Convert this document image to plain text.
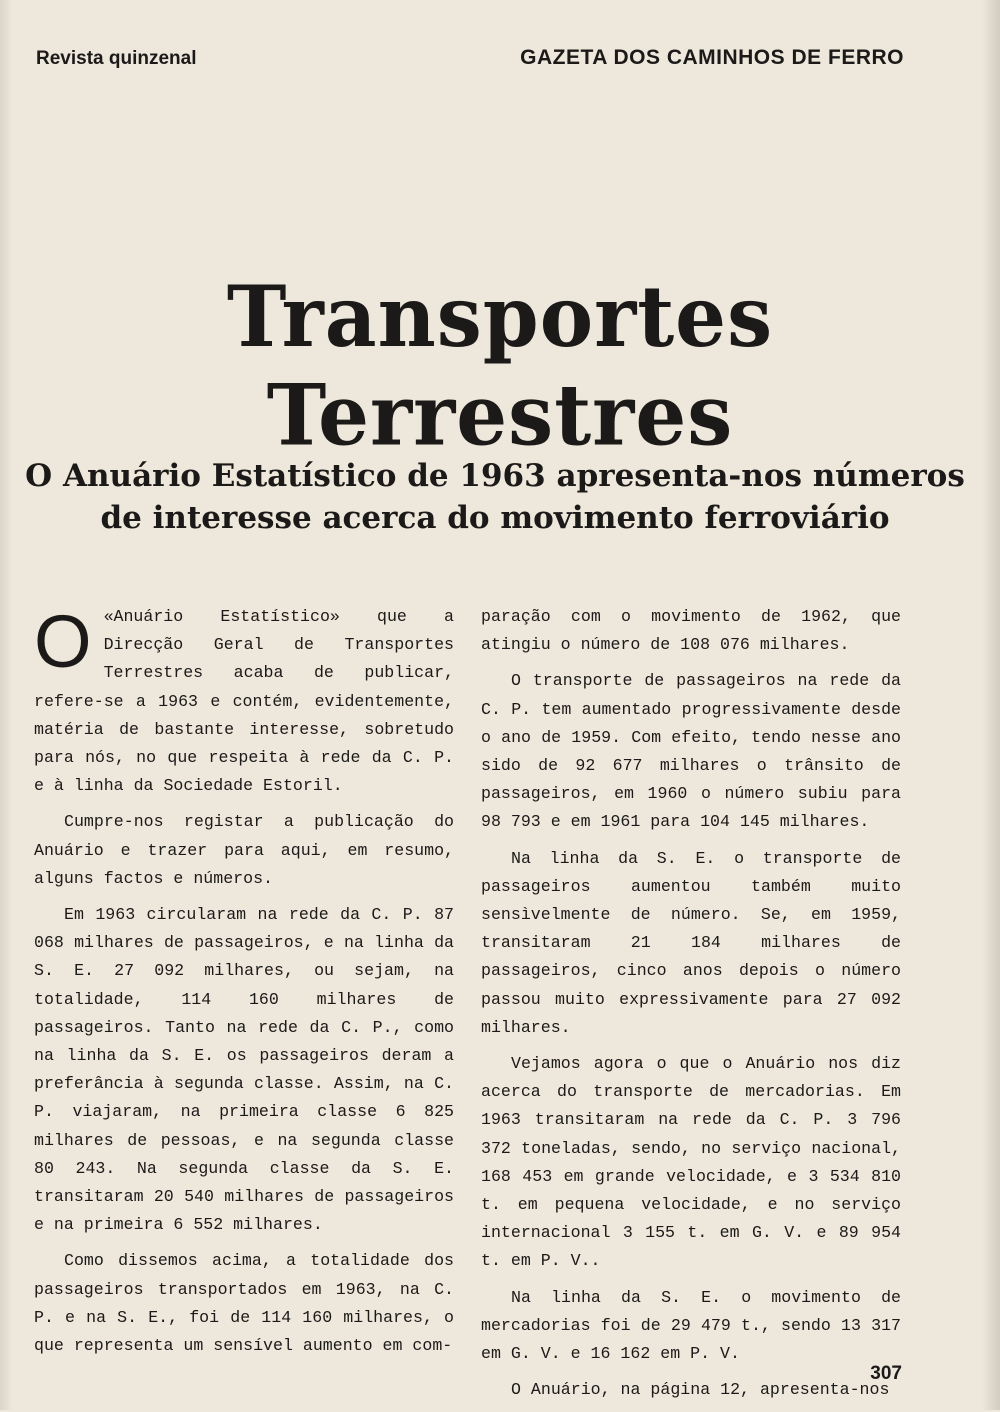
Revista quinzenal	GAZETA DOS CAMINHOS DE FERRO
Transportes Terrestres
O Anuário Estatístico de 1963 apresenta-nos números
de interesse acerca do movimento ferroviário

O «Anuário Estatístico» que a Direcção Geral de Transportes Terrestres acaba de publicar, refere-se a 1963 e contém, evidentemente, matéria de bastante interesse, sobretudo para nós, no que respeita à rede da C. P. e à linha da Sociedade Estoril.

Cumpre-nos registar a publicação do Anuário e trazer para aqui, em resumo, alguns factos e números.

Em 1963 circularam na rede da C. P. 87 068 milhares de passageiros, e na linha da S. E. 27 092 milhares, ou sejam, na totalidade, 114 160 milhares de passageiros. Tanto na rede da C. P., como na linha da S. E. os passageiros deram a preferância à segunda classe. Assim, na C. P. viajaram, na primeira classe 6 825 milhares de pessoas, e na segunda classe 80 243. Na segunda classe da S. E. transitaram 20 540 milhares de passageiros e na primeira 6 552 milhares.

Como dissemos acima, a totalidade dos passageiros transportados em 1963, na C. P. e na S. E., foi de 114 160 milhares, o que representa um sensível aumento em com-

paração com o movimento de 1962, que atingiu o número de 108 076 milhares.

O transporte de passageiros na rede da C. P. tem aumentado progressivamente desde o ano de 1959. Com efeito, tendo nesse ano sido de 92 677 milhares o trânsito de passageiros, em 1960 o número subiu para 98 793 e em 1961 para 104 145 milhares.

Na linha da S. E. o transporte de passageiros aumentou também muito sensìvelmente de número. Se, em 1959, transitaram 21 184 milhares de passageiros, cinco anos depois o número passou muito expressivamente para 27 092 milhares.

Vejamos agora o que o Anuário nos diz acerca do transporte de mercadorias. Em 1963 transitaram na rede da C. P. 3 796 372 toneladas, sendo, no serviço nacional, 168 453 em grande velocidade, e 3 534 810 t. em pequena velocidade, e no serviço internacional 3 155 t. em G. V. e 89 954 t. em P. V..

Na linha da S. E. o movimento de mercadorias foi de 29 479 t., sendo 13 317 em G. V. e 16 162 em P. V.

O Anuário, na página 12, apresenta-nos

307
